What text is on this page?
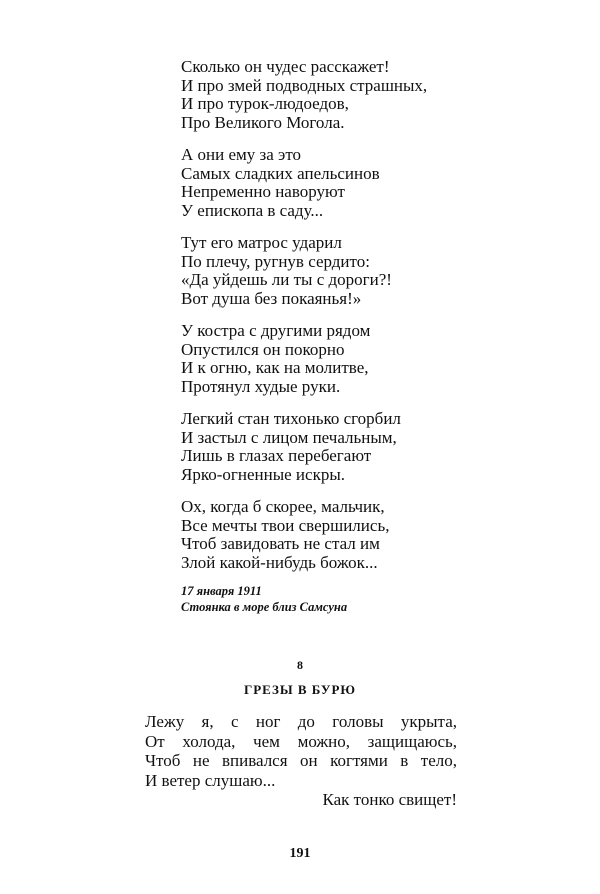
Сколько он чудес расскажет!
И про змей подводных страшных,
И про турок-людоедов,
Про Великого Могола.
А они ему за это
Самых сладких апельсинов
Непременно наворуют
У епископа в саду...
Тут его матрос ударил
По плечу, ругнув сердито:
«Да уйдешь ли ты с дороги?!
Вот душа без покаянья!»
У костра с другими рядом
Опустился он покорно
И к огню, как на молитве,
Протянул худые руки.
Легкий стан тихонько сгорбил
И застыл с лицом печальным,
Лишь в глазах перебегают
Ярко-огненные искры.
Ох, когда б скорее, мальчик,
Все мечты твои свершились,
Чтоб завидовать не стал им
Злой какой-нибудь божок...
17 января 1911
Стоянка в море близ Самсуна
8
ГРЕЗЫ В БУРЮ
Лежу я, с ног до головы укрыта,
От холода, чем можно, защищаюсь,
Чтоб не впивался он когтями в тело,
И ветер слушаю...
Как тонко свищет!
191
